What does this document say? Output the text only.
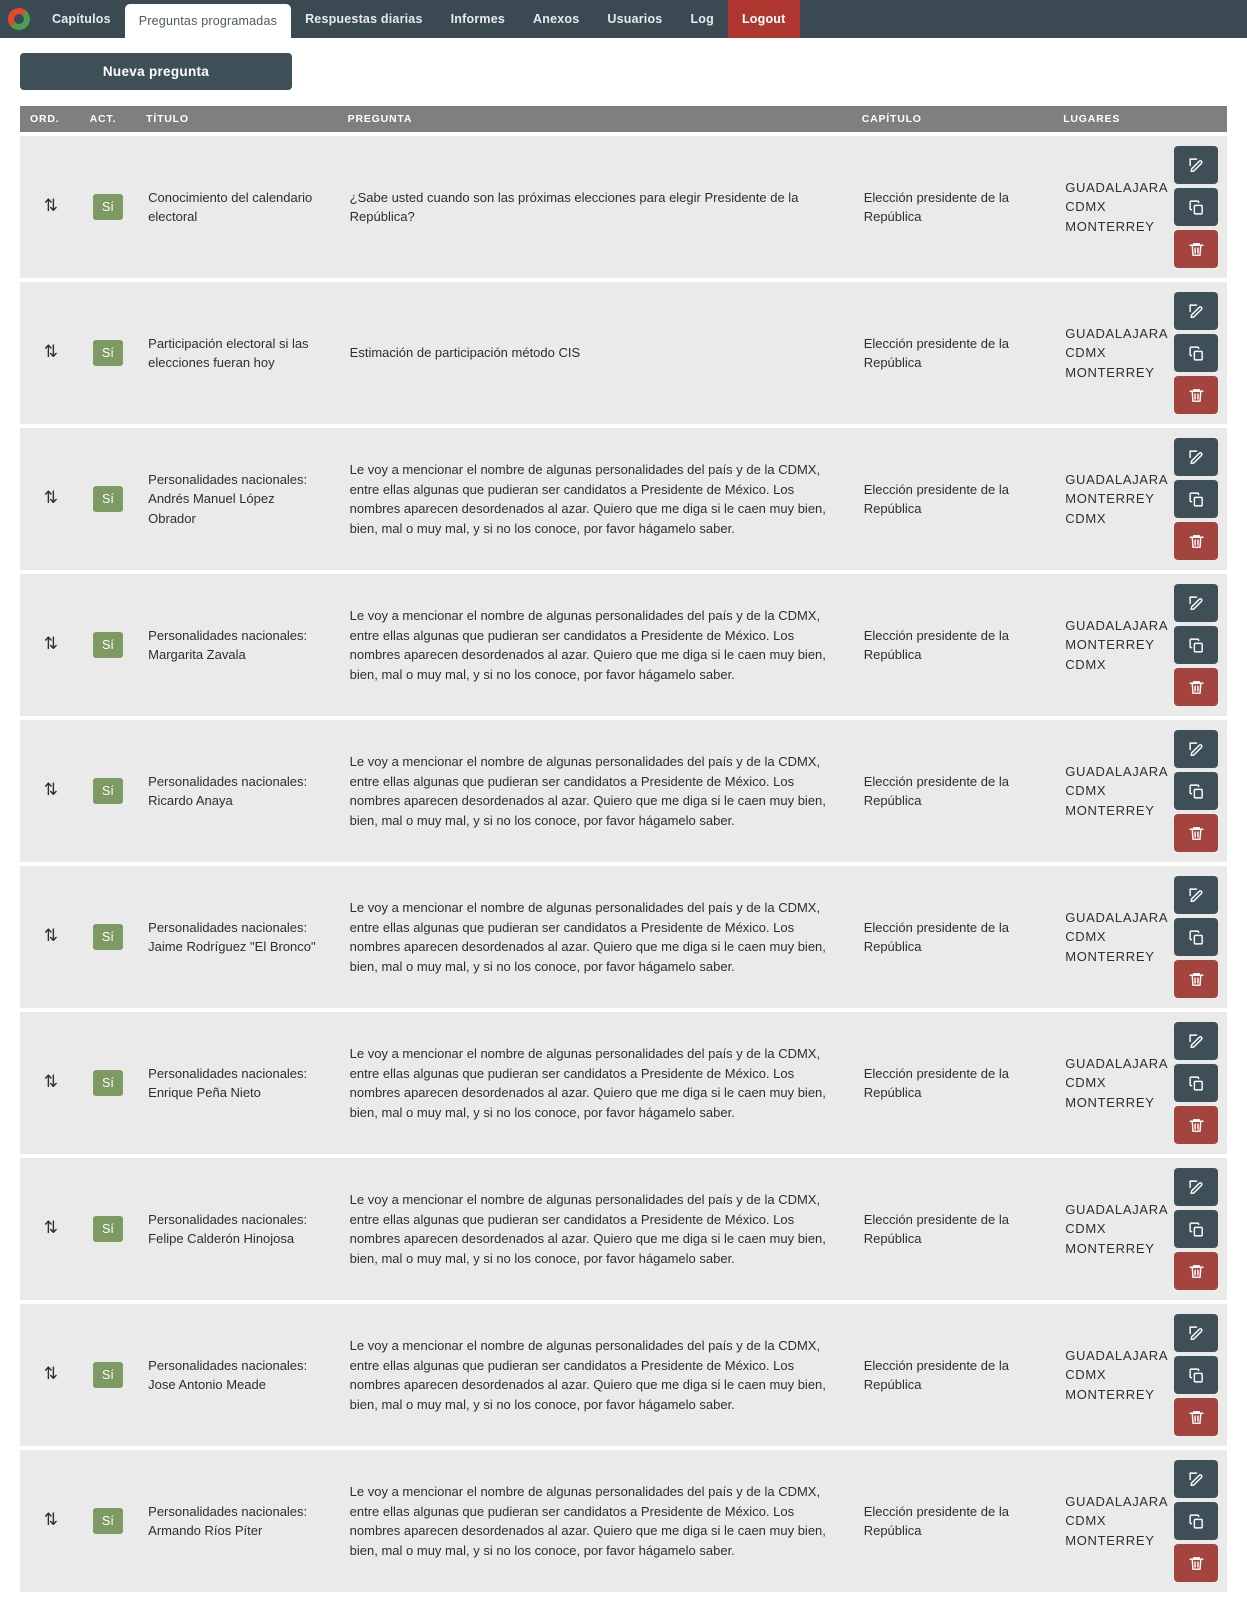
Capítulos	Preguntas programadas	Respuestas diarias	Informes	Anexos	Usuarios	Log	Logout
Nueva pregunta
ORD.	ACT.	TÍTULO	PREGUNTA	CAPÍTULO	LUGARES	
⇅	Sí	Conocimiento del calendario electoral	¿Sabe usted cuando son las próximas elecciones para elegir Presidente de la República?	Elección presidente de la República	GUADALAJARA CDMX MONTERREY	

⇅	Sí	Participación electoral si las elecciones fueran hoy	Estimación de participación método CIS	Elección presidente de la República	GUADALAJARA CDMX MONTERREY	

⇅	Sí	Personalidades nacionales: Andrés Manuel López Obrador	Le voy a mencionar el nombre de algunas personalidades del país y de la CDMX, entre ellas algunas que pudieran ser candidatos a Presidente de México. Los nombres aparecen desordenados al azar. Quiero que me diga si le caen muy bien, bien, mal o muy mal, y si no los conoce, por favor hágamelo saber.	Elección presidente de la República	GUADALAJARA MONTERREY CDMX	

⇅	Sí	Personalidades nacionales: Margarita Zavala	Le voy a mencionar el nombre de algunas personalidades del país y de la CDMX, entre ellas algunas que pudieran ser candidatos a Presidente de México. Los nombres aparecen desordenados al azar. Quiero que me diga si le caen muy bien, bien, mal o muy mal, y si no los conoce, por favor hágamelo saber.	Elección presidente de la República	GUADALAJARA MONTERREY CDMX	

⇅	Sí	Personalidades nacionales: Ricardo Anaya	Le voy a mencionar el nombre de algunas personalidades del país y de la CDMX, entre ellas algunas que pudieran ser candidatos a Presidente de México. Los nombres aparecen desordenados al azar. Quiero que me diga si le caen muy bien, bien, mal o muy mal, y si no los conoce, por favor hágamelo saber.	Elección presidente de la República	GUADALAJARA CDMX MONTERREY	

⇅	Sí	Personalidades nacionales: Jaime Rodríguez "El Bronco"	Le voy a mencionar el nombre de algunas personalidades del país y de la CDMX, entre ellas algunas que pudieran ser candidatos a Presidente de México. Los nombres aparecen desordenados al azar. Quiero que me diga si le caen muy bien, bien, mal o muy mal, y si no los conoce, por favor hágamelo saber.	Elección presidente de la República	GUADALAJARA CDMX MONTERREY	

⇅	Sí	Personalidades nacionales: Enrique Peña Nieto	Le voy a mencionar el nombre de algunas personalidades del país y de la CDMX, entre ellas algunas que pudieran ser candidatos a Presidente de México. Los nombres aparecen desordenados al azar. Quiero que me diga si le caen muy bien, bien, mal o muy mal, y si no los conoce, por favor hágamelo saber.	Elección presidente de la República	GUADALAJARA CDMX MONTERREY	

⇅	Sí	Personalidades nacionales: Felipe Calderón Hinojosa	Le voy a mencionar el nombre de algunas personalidades del país y de la CDMX, entre ellas algunas que pudieran ser candidatos a Presidente de México. Los nombres aparecen desordenados al azar. Quiero que me diga si le caen muy bien, bien, mal o muy mal, y si no los conoce, por favor hágamelo saber.	Elección presidente de la República	GUADALAJARA CDMX MONTERREY	

⇅	Sí	Personalidades nacionales: Jose Antonio Meade	Le voy a mencionar el nombre de algunas personalidades del país y de la CDMX, entre ellas algunas que pudieran ser candidatos a Presidente de México. Los nombres aparecen desordenados al azar. Quiero que me diga si le caen muy bien, bien, mal o muy mal, y si no los conoce, por favor hágamelo saber.	Elección presidente de la República	GUADALAJARA CDMX MONTERREY	

⇅	Sí	Personalidades nacionales: Armando Ríos Píter	Le voy a mencionar el nombre de algunas personalidades del país y de la CDMX, entre ellas algunas que pudieran ser candidatos a Presidente de México. Los nombres aparecen desordenados al azar. Quiero que me diga si le caen muy bien, bien, mal o muy mal, y si no los conoce, por favor hágamelo saber.	Elección presidente de la República	GUADALAJARA CDMX MONTERREY	
